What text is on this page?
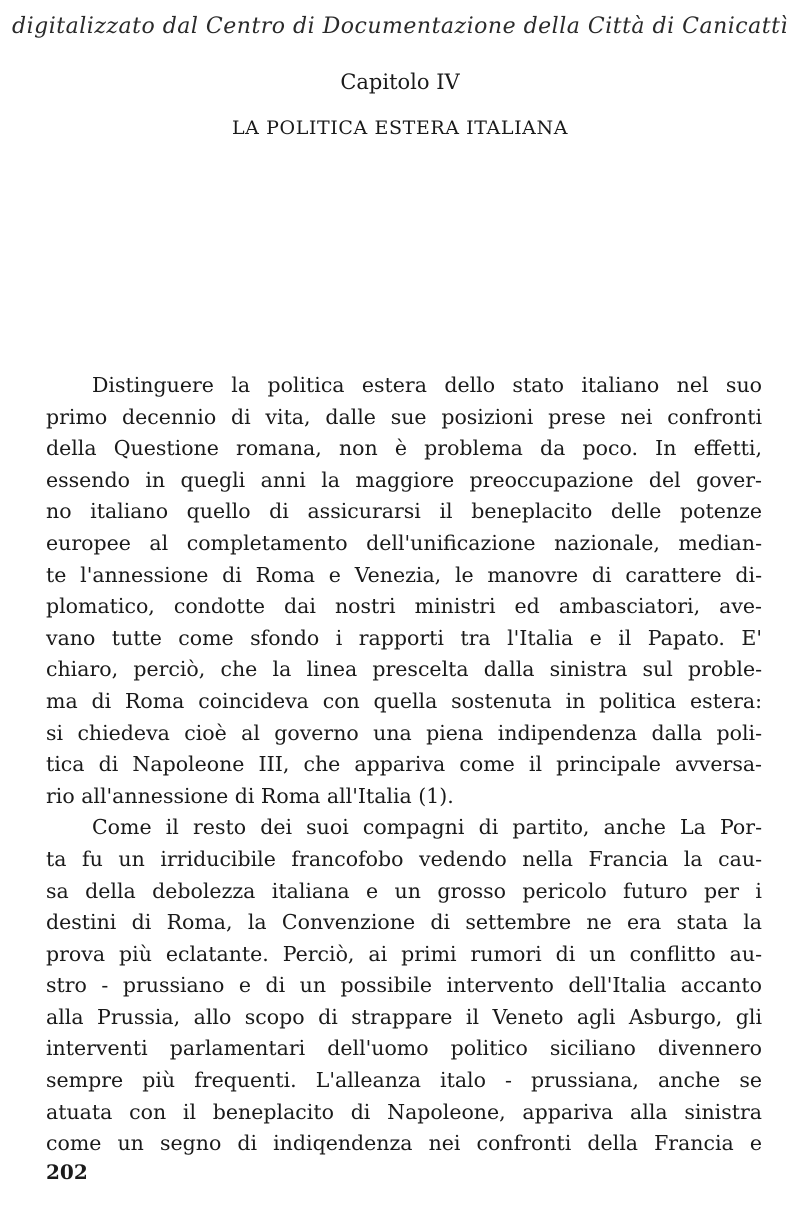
digitalizzato dal Centro di Documentazione della Città di Canicattì
Capitolo IV
LA POLITICA ESTERA ITALIANA
Distinguere la politica estera dello stato italiano nel suo
primo decennio di vita, dalle sue posizioni prese nei confronti
della Questione romana, non è problema da poco. In effetti,
essendo in quegli anni la maggiore preoccupazione del gover-
no italiano quello di assicurarsi il beneplacito delle potenze
europee al completamento dell'unificazione nazionale, median-
te l'annessione di Roma e Venezia, le manovre di carattere di-
plomatico, condotte dai nostri ministri ed ambasciatori, ave-
vano tutte come sfondo i rapporti tra l'Italia e il Papato. E'
chiaro, perciò, che la linea prescelta dalla sinistra sul proble-
ma di Roma coincideva con quella sostenuta in politica estera:
si chiedeva cioè al governo una piena indipendenza dalla poli-
tica di Napoleone III, che appariva come il principale avversa-
rio all'annessione di Roma all'Italia (1).
Come il resto dei suoi compagni di partito, anche La Por-
ta fu un irriducibile francofobo vedendo nella Francia la cau-
sa della debolezza italiana e un grosso pericolo futuro per i
destini di Roma, la Convenzione di settembre ne era stata la
prova più eclatante. Perciò, ai primi rumori di un conflitto au-
stro - prussiano e di un possibile intervento dell'Italia accanto
alla Prussia, allo scopo di strappare il Veneto agli Asburgo, gli
interventi parlamentari dell'uomo politico siciliano divennero
sempre più frequenti. L'alleanza italo - prussiana, anche se
atuata con il beneplacito di Napoleone, appariva alla sinistra
come un segno di indiqendenza nei confronti della Francia e
202
